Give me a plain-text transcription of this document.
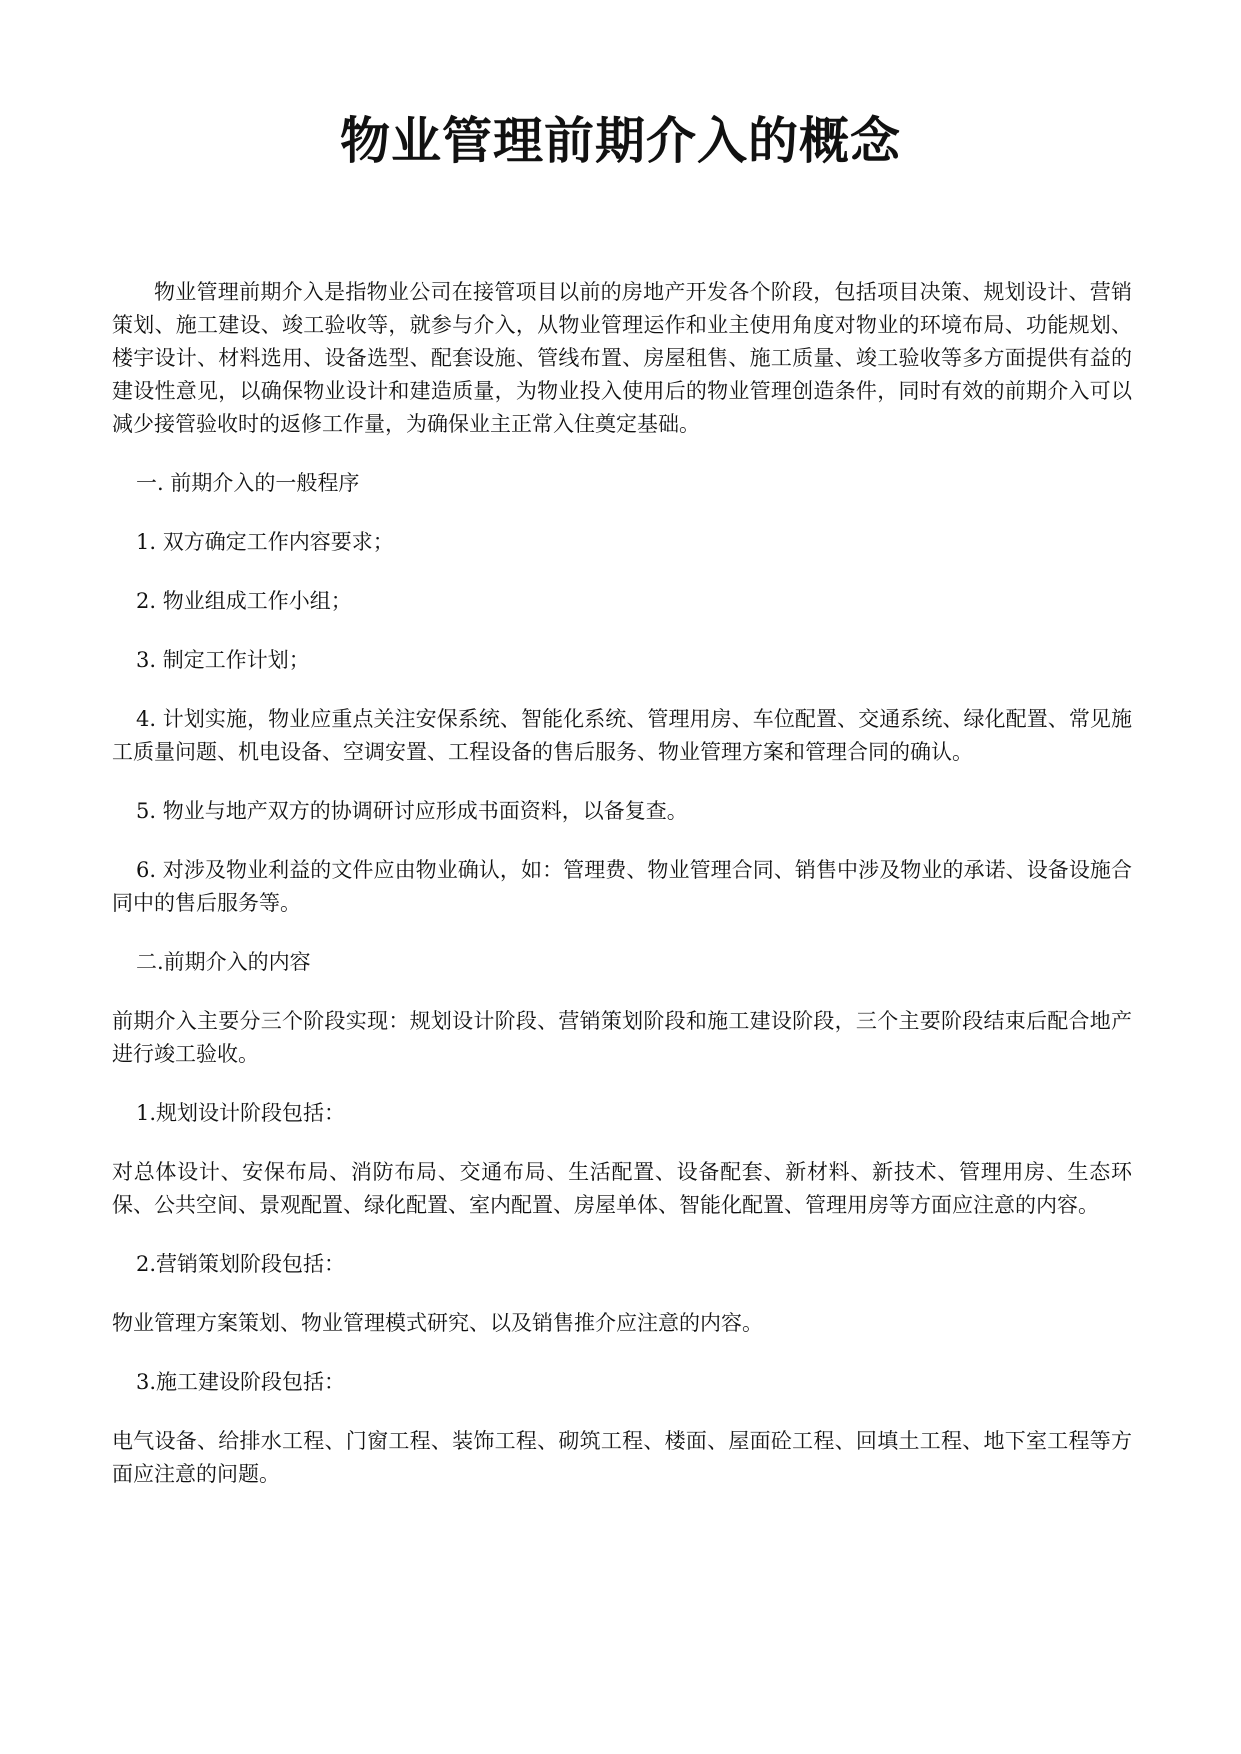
物业管理前期介入的概念

物业管理前期介入是指物业公司在接管项目以前的房地产开发各个阶段，包括项目决策、规划设计、营销策划、施工建设、竣工验收等，就参与介入，从物业管理运作和业主使用角度对物业的环境布局、功能规划、楼宇设计、材料选用、设备选型、配套设施、管线布置、房屋租售、施工质量、竣工验收等多方面提供有益的建设性意见，以确保物业设计和建造质量，为物业投入使用后的物业管理创造条件，同时有效的前期介入可以减少接管验收时的返修工作量，为确保业主正常入住奠定基础。

一. 前期介入的一般程序

1. 双方确定工作内容要求；

2. 物业组成工作小组；

3. 制定工作计划；

4. 计划实施，物业应重点关注安保系统、智能化系统、管理用房、车位配置、交通系统、绿化配置、常见施工质量问题、机电设备、空调安置、工程设备的售后服务、物业管理方案和管理合同的确认。

5. 物业与地产双方的协调研讨应形成书面资料，以备复查。

6. 对涉及物业利益的文件应由物业确认，如：管理费、物业管理合同、销售中涉及物业的承诺、设备设施合同中的售后服务等。

二.前期介入的内容

前期介入主要分三个阶段实现：规划设计阶段、营销策划阶段和施工建设阶段，三个主要阶段结束后配合地产进行竣工验收。

1.规划设计阶段包括：

对总体设计、安保布局、消防布局、交通布局、生活配置、设备配套、新材料、新技术、管理用房、生态环保、公共空间、景观配置、绿化配置、室内配置、房屋单体、智能化配置、管理用房等方面应注意的内容。

2.营销策划阶段包括：

物业管理方案策划、物业管理模式研究、以及销售推介应注意的内容。

3.施工建设阶段包括：

电气设备、给排水工程、门窗工程、装饰工程、砌筑工程、楼面、屋面砼工程、回填土工程、地下室工程等方面应注意的问题。
